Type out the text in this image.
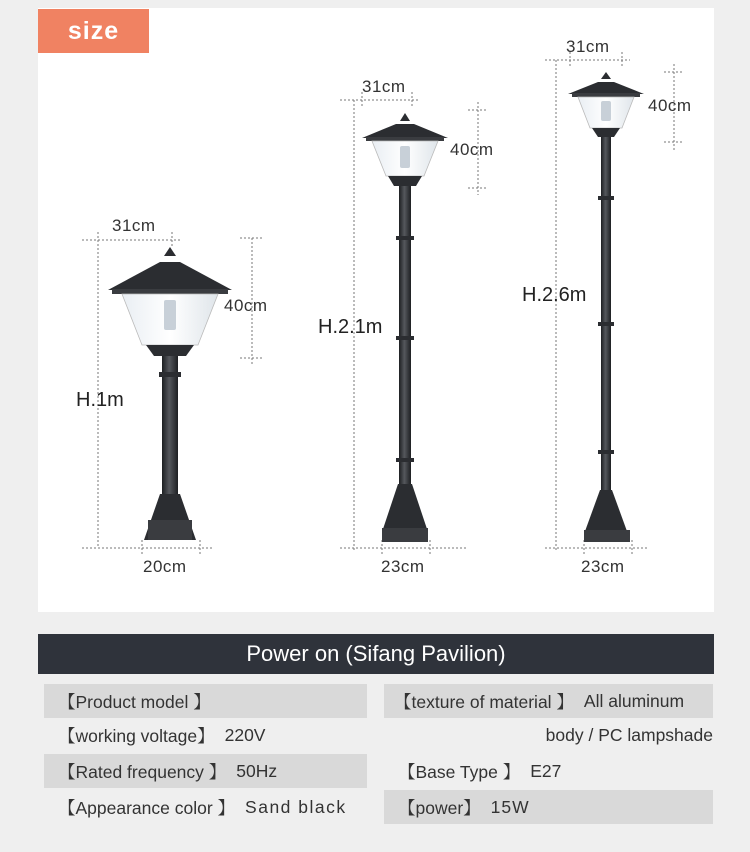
size
31cm
40cm
H.1m
20cm
31cm
40cm
H.2.1m
23cm
31cm
40cm
H.2.6m
23cm
Power on (Sifang Pavilion)
【Product model 】
【working voltage】 220V
【Rated frequency 】 50Hz
【Appearance color 】 Sand black
【texture of material 】 All aluminum
body / PC lampshade
【Base Type 】 E27
【power】 15W
